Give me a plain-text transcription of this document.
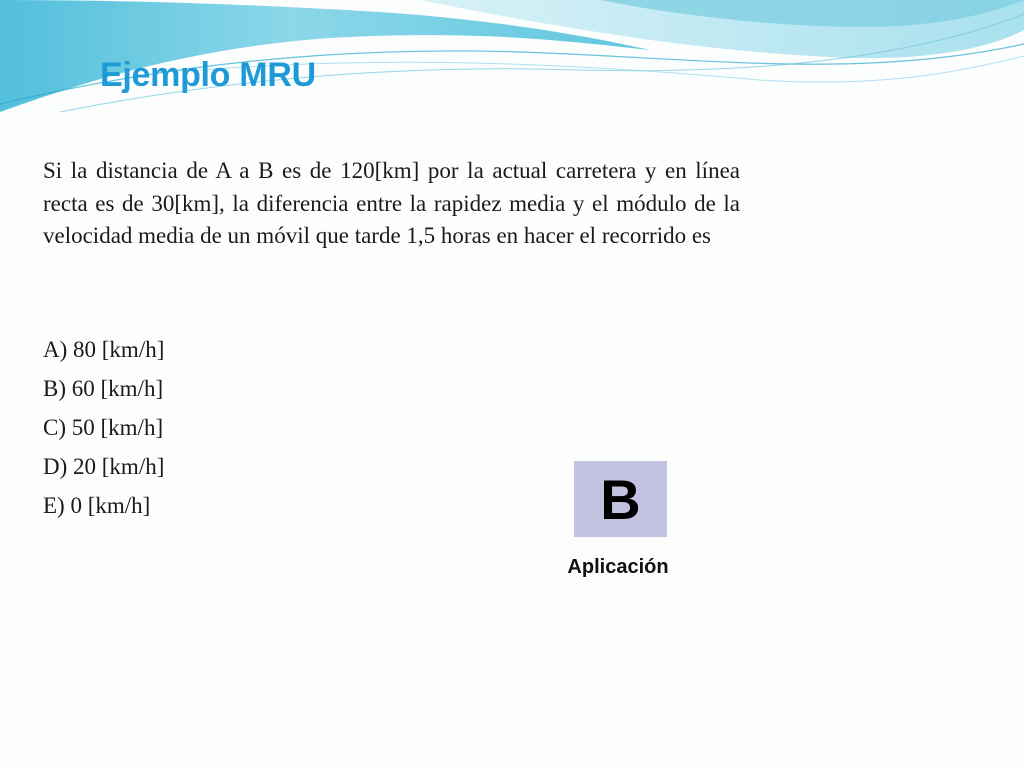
Ejemplo MRU

Si la distancia de A a B es de 120[km] por la actual carretera y en línea recta es de 30[km], la diferencia entre la rapidez media y el módulo de la velocidad media de un móvil que tarde 1,5 horas en hacer el recorrido es

A) 80 [km/h]
B) 60 [km/h]
C) 50 [km/h]
D) 20 [km/h]
E) 0 [km/h]	B
Aplicación
